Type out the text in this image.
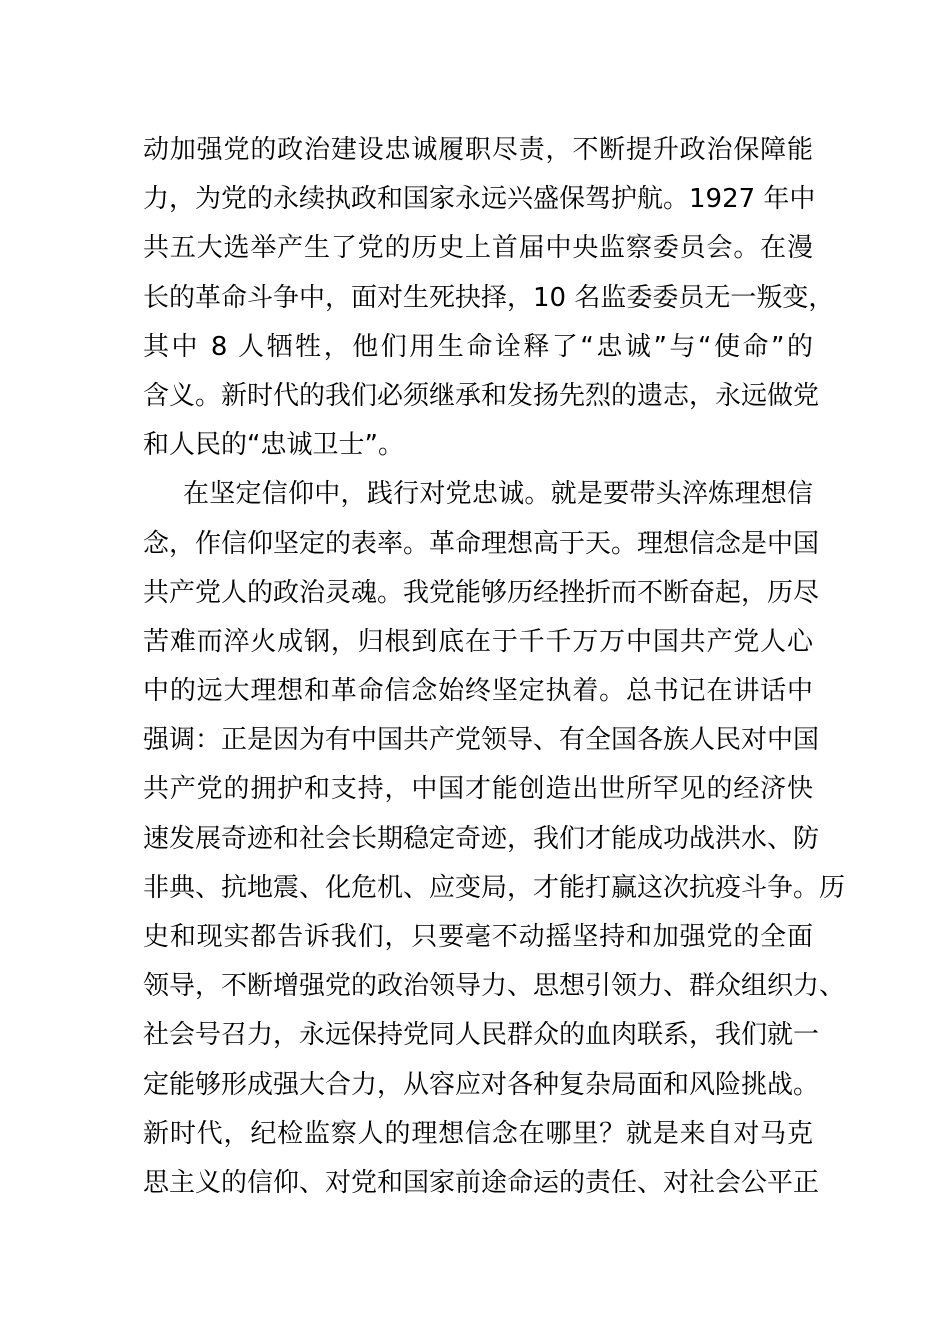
动加强党的政治建设忠诚履职尽责，不断提升政治保障能
力，为党的永续执政和国家永远兴盛保驾护航。1927 年中
共五大选举产生了党的历史上首届中央监察委员会。在漫
长的革命斗争中，面对生死抉择，10 名监委委员无一叛变，
其中 8 人牺牲，他们用生命诠释了“忠诚”与“使命”的
含义。新时代的我们必须继承和发扬先烈的遗志，永远做党
和人民的“忠诚卫士”。
在坚定信仰中，践行对党忠诚。就是要带头淬炼理想信
念，作信仰坚定的表率。革命理想高于天。理想信念是中国
共产党人的政治灵魂。我党能够历经挫折而不断奋起，历尽
苦难而淬火成钢，归根到底在于千千万万中国共产党人心
中的远大理想和革命信念始终坚定执着。总书记在讲话中
强调：正是因为有中国共产党领导、有全国各族人民对中国
共产党的拥护和支持，中国才能创造出世所罕见的经济快
速发展奇迹和社会长期稳定奇迹，我们才能成功战洪水、防
非典、抗地震、化危机、应变局，才能打赢这次抗疫斗争。历
史和现实都告诉我们，只要毫不动摇坚持和加强党的全面
领导，不断增强党的政治领导力、思想引领力、群众组织力、
社会号召力，永远保持党同人民群众的血肉联系，我们就一
定能够形成强大合力，从容应对各种复杂局面和风险挑战。
新时代，纪检监察人的理想信念在哪里？就是来自对马克
思主义的信仰、对党和国家前途命运的责任、对社会公平正
